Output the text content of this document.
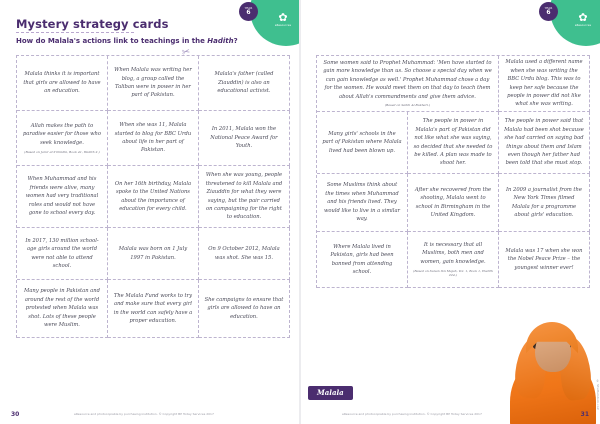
✿
eResources
YEAR
6
Mystery strategy cards
How do Malala's actions link to teachings in the Hadith?
✂
Malala thinks it is important that girls are allowed to have an education.
When Malala was writing her blog, a group called the Taliban were in power in her part of Pakistan.
Malala's father (called Ziauddin) is also an educational activist.
Allah makes the path to paradise easier for those who seek knowledge.
(Based on Jami' at-Tirmidhi, Book 41, Hadith 2.)
When she was 11, Malala started to blog for BBC Urdu about life in her part of Pakistan.
In 2011, Malala won the National Peace Award for Youth.
When Muhammad and his friends were alive, many women had very traditional roles and would not have gone to school every day.
On her 16th birthday, Malala spoke to the United Nations about the importance of education for every child.
When she was young, people threatened to kill Malala and Ziauddin for what they were saying, but the pair carried on campaigning for the right to education.
In 2017, 130 million school-age girls around the world were not able to attend school.
Malala was born on 1 July 1997 in Pakistan.
On 9 October 2012, Malala was shot. She was 15.
Many people in Pakistan and around the rest of the world protested when Malala was shot. Lots of these people were Muslim.
The Malala Fund works to try and make sure that every girl in the world can safely have a proper education.
She campaigns to ensure that girls are allowed to have an education.
eResource and photocopiable by purchasing institution. © Copyright BP Today Services 2017
30
✿
eResources
YEAR
6
Some women said to Prophet Muhammad: 'Men have started to gain more knowledge than us. So choose a special day when we can gain knowledge as well.' Prophet Muhammad chose a day for the women. He would meet them on that day to teach them about Allah's commandments and give them advice.
(Based on Sahih Al-Bukhari.)
Malala used a different name when she was writing the BBC Urdu blog. This was to keep her safe because the people in power did not like what she was writing.
Many girls' schools in the part of Pakistan where Malala lived had been blown up.
The people in power in Malala's part of Pakistan did not like what she was saying, so decided that she needed to be killed. A plan was made to shoot her.
The people in power said that Malala had been shot because she had carried on saying bad things about them and Islam even though her father had been told that she must stop.
Some Muslims think about the times when Muhammad and his friends lived. They would like to live in a similar way.
After she recovered from the shooting, Malala went to school in Birmingham in the United Kingdom.
In 2009 a journalist from the New York Times filmed Malala for a programme about girls' education.
Where Malala lived in Pakistan, girls had been banned from attending school.
It is necessary that all Muslims, both men and women, gain knowledge.
(Based on Sunan Ibn Majah, Vol. 1, Book 1, Hadith 224.)
Malala was 17 when she won the Nobel Peace Prize – the youngest winner ever!
© Shutterstock.com
Malala
eResource and photocopiable by purchasing institution. © Copyright BP Today Services 2017	31
